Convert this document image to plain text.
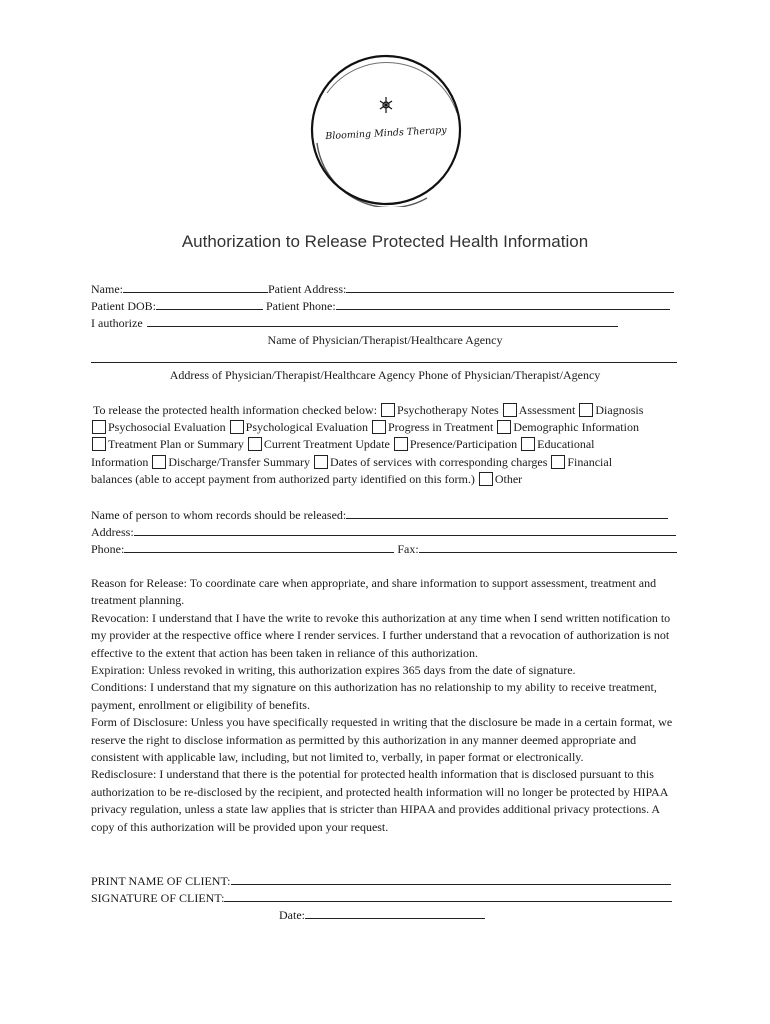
Blooming Minds Therapy
Authorization to Release Protected Health Information
Name:	Patient Address:
Patient DOB:	Patient Phone:
I authorize
Name of Physician/Therapist/Healthcare Agency
Address of Physician/Therapist/Healthcare Agency Phone of Physician/Therapist/Agency
To release the protected health information checked below: Psychotherapy Notes Assessment Diagnosis
Psychosocial Evaluation Psychological Evaluation Progress in Treatment Demographic Information
Treatment Plan or Summary Current Treatment Update Presence/Participation Educational
Information Discharge/Transfer Summary Dates of services with corresponding charges Financial
balances (able to accept payment from authorized party identified on this form.) Other
Name of person to whom records should be released:
Address:
Phone:	Fax:
Reason for Release: To coordinate care when appropriate, and share information to support assessment, treatment and treatment planning.
Revocation: I understand that I have the write to revoke this authorization at any time when I send written notification to my provider at the respective office where I render services. I further understand that a revocation of authorization is not effective to the extent that action has been taken in reliance of this authorization.
Expiration: Unless revoked in writing, this authorization expires 365 days from the date of signature.
Conditions: I understand that my signature on this authorization has no relationship to my ability to receive treatment, payment, enrollment or eligibility of benefits.
Form of Disclosure: Unless you have specifically requested in writing that the disclosure be made in a certain format, we reserve the right to disclose information as permitted by this authorization in any manner deemed appropriate and consistent with applicable law, including, but not limited to, verbally, in paper format or electronically.
Redisclosure: I understand that there is the potential for protected health information that is disclosed pursuant to this authorization to be re-disclosed by the recipient, and protected health information will no longer be protected by HIPAA privacy regulation, unless a state law applies that is stricter than HIPAA and provides additional privacy protections. A copy of this authorization will be provided upon your request.
PRINT NAME OF CLIENT:
SIGNATURE OF CLIENT:
Date:
